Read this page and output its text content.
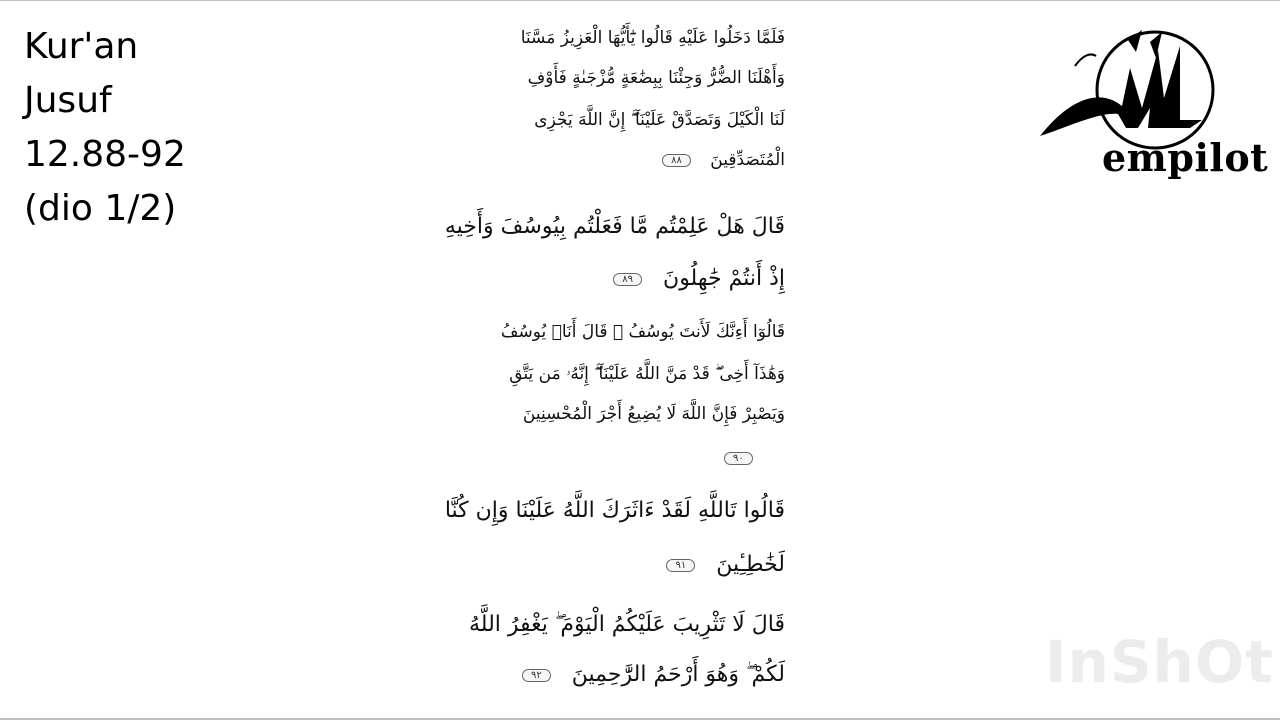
Kur'an
Jusuf
12.88-92
(dio 1/2)
empilot
فَلَمَّا دَخَلُوا عَلَيْهِ قَالُوا يَٰٓأَيُّهَا الْعَزِيزُ مَسَّنَا
وَأَهْلَنَا الضُّرُّ وَجِئْنَا بِبِضَٰعَةٍ مُّزْجَىٰةٍ فَأَوْفِ
لَنَا الْكَيْلَ وَتَصَدَّقْ عَلَيْنَآ ۖ إِنَّ اللَّهَ يَجْزِى
الْمُتَصَدِّقِينَ ٨٨
قَالَ هَلْ عَلِمْتُم مَّا فَعَلْتُم بِيُوسُفَ وَأَخِيهِ
إِذْ أَنتُمْ جَٰهِلُونَ ٨٩
قَالُوٓا أَءِنَّكَ لَأَنتَ يُوسُفُ ۖ قَالَ أَنَا۠ يُوسُفُ
وَهَٰذَآ أَخِى ۖ قَدْ مَنَّ اللَّهُ عَلَيْنَآ ۖ إِنَّهُۥ مَن يَتَّقِ
وَيَصْبِرْ فَإِنَّ اللَّهَ لَا يُضِيعُ أَجْرَ الْمُحْسِنِينَ
٩٠
قَالُوا تَاللَّهِ لَقَدْ ءَاثَرَكَ اللَّهُ عَلَيْنَا وَإِن كُنَّا
لَخَٰطِـِٔينَ ٩١
قَالَ لَا تَثْرِيبَ عَلَيْكُمُ الْيَوْمَ ۖ يَغْفِرُ اللَّهُ
لَكُمْ ۖ وَهُوَ أَرْحَمُ الرَّٰحِمِينَ ٩٢	InShOt
